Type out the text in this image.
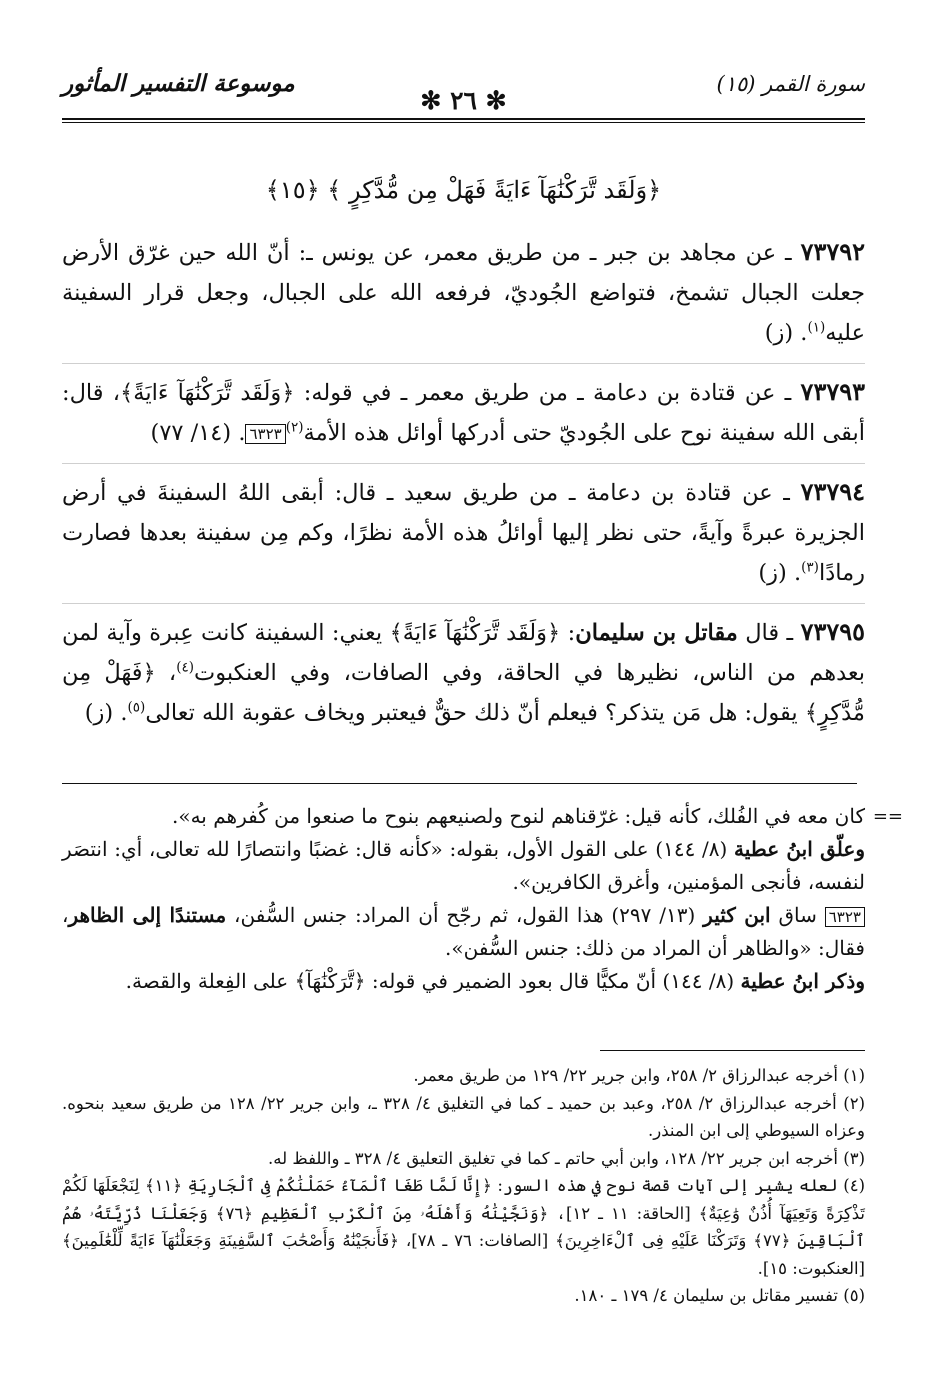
سورة القمر (١٥)
✻ ٢٦ ✻
موسوعة التفسير المأثور
﴿وَلَقَد تَّرَكْنَٰهَآ ءَايَةً فَهَلْ مِن مُّدَّكِرٍ ﴾ ﴿١٥﴾

٧٣٧٩٢ ـ عن مجاهد بن جبر ـ من طريق معمر، عن يونس ـ: أنّ الله حين غرّق الأرض جعلت الجبال تشمخ، فتواضع الجُوديّ، فرفعه الله على الجبال، وجعل قرار السفينة عليه$^{(١)}$. (ز)

٧٣٧٩٣ ـ عن قتادة بن دعامة ـ من طريق معمر ـ في قوله: ﴿وَلَقَد تَّرَكْنَٰهَآ ءَايَةً﴾، قال: أبقى الله سفينة نوح على الجُوديّ حتى أدركها أوائل هذه الأمة$^{(٢)}$٦٣٢٣. (١٤/ ٧٧)

٧٣٧٩٤ ـ عن قتادة بن دعامة ـ من طريق سعيد ـ قال: أبقى اللهُ السفينةَ في أرض الجزيرة عبرةً وآيةً، حتى نظر إليها أوائلُ هذه الأمة نظرًا، وكم مِن سفينة بعدها فصارت رمادًا$^{(٣)}$. (ز)

٧٣٧٩٥ ـ قال مقاتل بن سليمان: ﴿وَلَقَد تَّرَكْنَٰهَآ ءَايَةً﴾ يعني: السفينة كانت عِبرة وآية لمن بعدهم من الناس، نظيرها في الحاقة، وفي الصافات، وفي العنكبوت$^{(٤)}$، ﴿فَهَلْ مِن مُّدَّكِرٍ﴾ يقول: هل مَن يتذكر؟ فيعلم أنّ ذلك حقٌّ فيعتبر ويخاف عقوبة الله تعالى$^{(٥)}$. (ز)

==

كان معه في الفُلك، كأنه قيل: غرّقناهم لنوح ولصنيعهم بنوح ما صنعوا من كُفرهم به».

وعلّق ابنُ عطية (٨/ ١٤٤) على القول الأول، بقوله: «كأنه قال: غضبًا وانتصارًا لله تعالى، أي: انتصَر لنفسه، فأنجى المؤمنين، وأغرق الكافرين».

٦٣٢٣ ساق ابن كثير (١٣/ ٢٩٧) هذا القول، ثم رجّح أن المراد: جنس السُّفن، مستندًا إلى الظاهر، فقال: «والظاهر أن المراد من ذلك: جنس السُّفن».

وذكر ابنُ عطية (٨/ ١٤٤) أنّ مكيًّا قال بعود الضمير في قوله: ﴿تَّرَكْنَٰهَآ﴾ على الفِعلة والقصة.

(١) أخرجه عبدالرزاق ٢/ ٢٥٨، وابن جرير ٢٢/ ١٢٩ من طريق معمر.

(٢) أخرجه عبدالرزاق ٢/ ٢٥٨، وعبد بن حميد ـ كما في التغليق ٤/ ٣٢٨ ـ، وابن جرير ٢٢/ ١٢٨ من طريق سعيد بنحوه. وعزاه السيوطي إلى ابن المنذر.

(٣) أخرجه ابن جرير ٢٢/ ١٢٨، وابن أبي حاتم ـ كما في تغليق التعليق ٤/ ٣٢٨ ـ واللفظ له.

(٤) لعله يشير إلى آيات قصة نوح في هذه السور: ﴿إِنَّا لَمَّا طَغَا ٱلْمَآءُ حَمَلْنَٰكُمْ فِى ٱلْجَارِيَةِ ﴿١١﴾ لِنَجْعَلَهَا لَكُمْ تَذْكِرَةً وَتَعِيَهَآ أُذُنٌ وَٰعِيَةٌ﴾ [الحاقة: ١١ ـ ١٢]، ﴿وَنَجَّيْنَٰهُ وَأَهْلَهُۥ مِنَ ٱلْكَرْبِ ٱلْعَظِيمِ ﴿٧٦﴾ وَجَعَلْنَا ذُرِّيَّتَهُۥ هُمُ ٱلْبَاقِينَ ﴿٧٧﴾ وَتَرَكْنَا عَلَيْهِ فِى ٱلْءَاخِرِينَ﴾ [الصافات: ٧٦ ـ ٧٨]، ﴿فَأَنجَيْنَٰهُ وَأَصْحَٰبَ ٱلسَّفِينَةِ وَجَعَلْنَٰهَآ ءَايَةً لِّلْعَٰلَمِينَ﴾ [العنكبوت: ١٥].

(٥) تفسير مقاتل بن سليمان ٤/ ١٧٩ ـ ١٨٠.
